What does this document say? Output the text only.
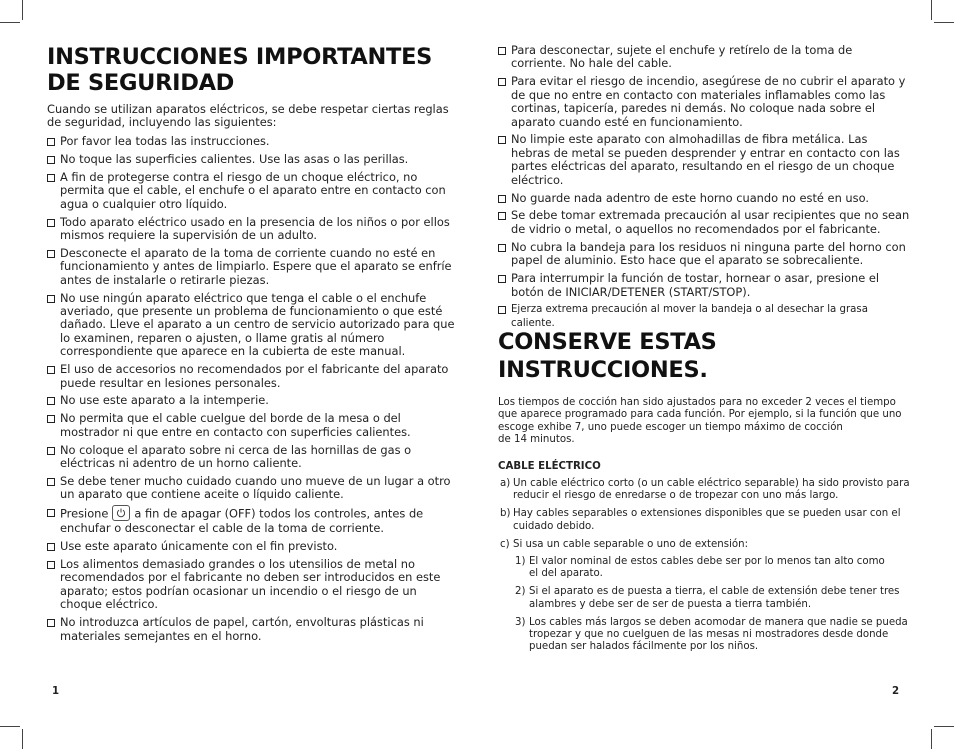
INSTRUCCIONES IMPORTANTES
DE SEGURIDAD

Cuando se utilizan aparatos eléctricos, se debe respetar ciertas reglas de seguridad, incluyendo las siguientes:

Por favor lea todas las instrucciones.
No toque las superficies calientes. Use las asas o las perillas.
A fin de protegerse contra el riesgo de un choque eléctrico, no permita que el cable, el enchufe o el aparato entre en contacto con agua o cualquier otro líquido.
Todo aparato eléctrico usado en la presencia de los niños o por ellos mismos requiere la supervisión de un adulto.
Desconecte el aparato de la toma de corriente cuando no esté en funcionamiento y antes de limpiarlo. Espere que el aparato se enfríe antes de instalarle o retirarle piezas.
No use ningún aparato eléctrico que tenga el cable o el enchufe averiado, que presente un problema de funcionamiento o que esté dañado. Lleve el aparato a un centro de servicio autorizado para que lo examinen, reparen o ajusten, o llame gratis al número correspondiente que aparece en la cubierta de este manual.
El uso de accesorios no recomendados por el fabricante del aparato puede resultar en lesiones personales.
No use este aparato a la intemperie.
No permita que el cable cuelgue del borde de la mesa o del mostrador ni que entre en contacto con superficies calientes.
No coloque el aparato sobre ni cerca de las hornillas de gas o eléctricas ni adentro de un horno caliente.
Se debe tener mucho cuidado cuando uno mueve de un lugar a otro un aparato que contiene aceite o líquido caliente.
Presione a fin de apagar (OFF) todos los controles, antes de enchufar o desconectar el cable de la toma de corriente.
Use este aparato únicamente con el fin previsto.
Los alimentos demasiado grandes o los utensilios de metal no recomendados por el fabricante no deben ser introducidos en este aparato; estos podrían ocasionar un incendio o el riesgo de un choque eléctrico.
No introduzca artículos de papel, cartón, envolturas plásticas ni materiales semejantes en el horno.
1
Para desconectar, sujete el enchufe y retírelo de la toma de corriente. No hale del cable.
Para evitar el riesgo de incendio, asegúrese de no cubrir el aparato y de que no entre en contacto con materiales inflamables como las cortinas, tapicería, paredes ni demás. No coloque nada sobre el aparato cuando esté en funcionamiento.
No limpie este aparato con almohadillas de fibra metálica. Las hebras de metal se pueden desprender y entrar en contacto con las partes eléctricas del aparato, resultando en el riesgo de un choque eléctrico.
No guarde nada adentro de este horno cuando no esté en uso.
Se debe tomar extremada precaución al usar recipientes que no sean de vidrio o metal, o aquellos no recomendados por el fabricante.
No cubra la bandeja para los residuos ni ninguna parte del horno con papel de aluminio. Esto hace que el aparato se sobrecaliente.
Para interrumpir la función de tostar, hornear o asar, presione el botón de INICIAR/DETENER (START/STOP).
Ejerza extrema precaución al mover la bandeja o al desechar la grasa caliente.
CONSERVE ESTAS
INSTRUCCIONES.

Los tiempos de cocción han sido ajustados para no exceder 2 veces el tiempo
que aparece programado para cada función. Por ejemplo, si la función que uno
escoge exhibe 7, uno puede escoger un tiempo máximo de cocción
de 14 minutos.

CABLE ELÉCTRICO

a) Un cable eléctrico corto (o un cable eléctrico separable) ha sido provisto para reducir el riesgo de enredarse o de tropezar con uno más largo.
b) Hay cables separables o extensiones disponibles que se pueden usar con el cuidado debido.
c) Si usa un cable separable o uno de extensión:
1) El valor nominal de estos cables debe ser por lo menos tan alto como
el del aparato.
2) Si el aparato es de puesta a tierra, el cable de extensión debe tener tres
alambres y debe ser de ser de puesta a tierra también.
3) Los cables más largos se deben acomodar de manera que nadie se pueda
tropezar y que no cuelguen de las mesas ni mostradores desde donde
puedan ser halados fácilmente por los niños.
2
